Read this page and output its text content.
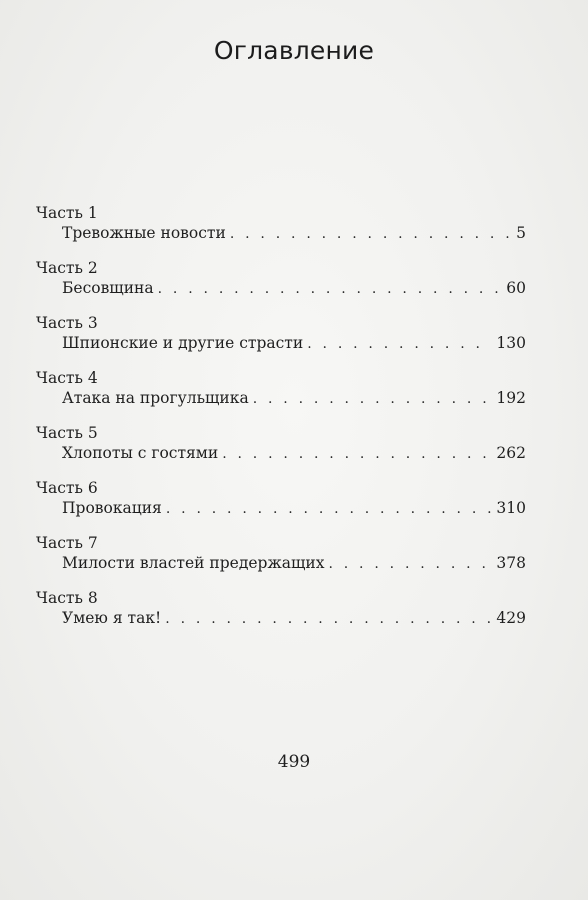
Оглавление
Часть 1
Тревожные новости . . .	5
Часть 2
Бесовщина . . .	60
Часть 3
Шпионские и другие страсти . . .	130
Часть 4
Атака на прогульщика . . .	192
Часть 5
Хлопоты с гостями . . .	262
Часть 6
Провокация . . .	310
Часть 7
Милости властей предержащих . . .	378
Часть 8
Умею я так! . . .	429
499
